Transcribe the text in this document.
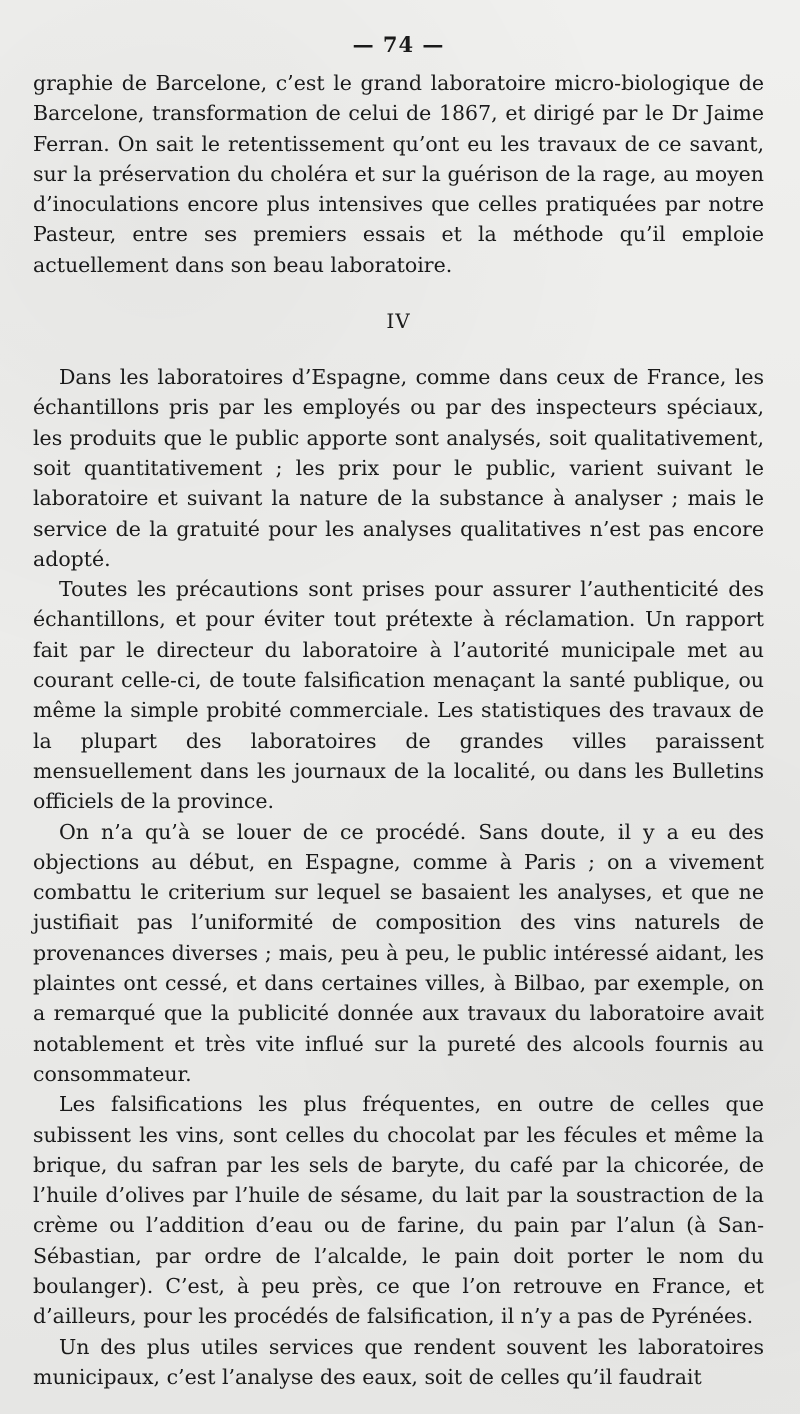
— 74 —

graphie de Barcelone, c’est le grand laboratoire micro-biologique de Barcelone, transformation de celui de 1867, et dirigé par le Dr Jaime Ferran. On sait le retentissement qu’ont eu les travaux de ce savant, sur la préservation du choléra et sur la guérison de la rage, au moyen d’inoculations encore plus intensives que celles pratiquées par notre Pasteur, entre ses premiers essais et la méthode qu’il emploie actuellement dans son beau laboratoire.

IV

Dans les laboratoires d’Espagne, comme dans ceux de France, les échantillons pris par les employés ou par des inspecteurs spéciaux, les produits que le public apporte sont analysés, soit qualitativement, soit quantitativement ; les prix pour le public, varient suivant le laboratoire et suivant la nature de la substance à analyser ; mais le service de la gratuité pour les analyses qualitatives n’est pas encore adopté.

Toutes les précautions sont prises pour assurer l’authenticité des échantillons, et pour éviter tout prétexte à réclamation. Un rapport fait par le directeur du laboratoire à l’autorité municipale met au courant celle-ci, de toute falsification menaçant la santé publique, ou même la simple probité commerciale. Les statistiques des travaux de la plupart des laboratoires de grandes villes paraissent mensuellement dans les journaux de la localité, ou dans les Bulletins officiels de la province.

On n’a qu’à se louer de ce procédé. Sans doute, il y a eu des objections au début, en Espagne, comme à Paris ; on a vivement combattu le criterium sur lequel se basaient les analyses, et que ne justifiait pas l’uniformité de composition des vins naturels de provenances diverses ; mais, peu à peu, le public intéressé aidant, les plaintes ont cessé, et dans certaines villes, à Bilbao, par exemple, on a remarqué que la publicité donnée aux travaux du laboratoire avait notablement et très vite influé sur la pureté des alcools fournis au consommateur.

Les falsifications les plus fréquentes, en outre de celles que subissent les vins, sont celles du chocolat par les fécules et même la brique, du safran par les sels de baryte, du café par la chicorée, de l’huile d’olives par l’huile de sésame, du lait par la soustraction de la crème ou l’addition d’eau ou de farine, du pain par l’alun (à San-Sébastian, par ordre de l’alcalde, le pain doit porter le nom du boulanger). C’est, à peu près, ce que l’on retrouve en France, et d’ailleurs, pour les procédés de falsification, il n’y a pas de Pyrénées.

Un des plus utiles services que rendent souvent les laboratoires municipaux, c’est l’analyse des eaux, soit de celles qu’il faudrait
